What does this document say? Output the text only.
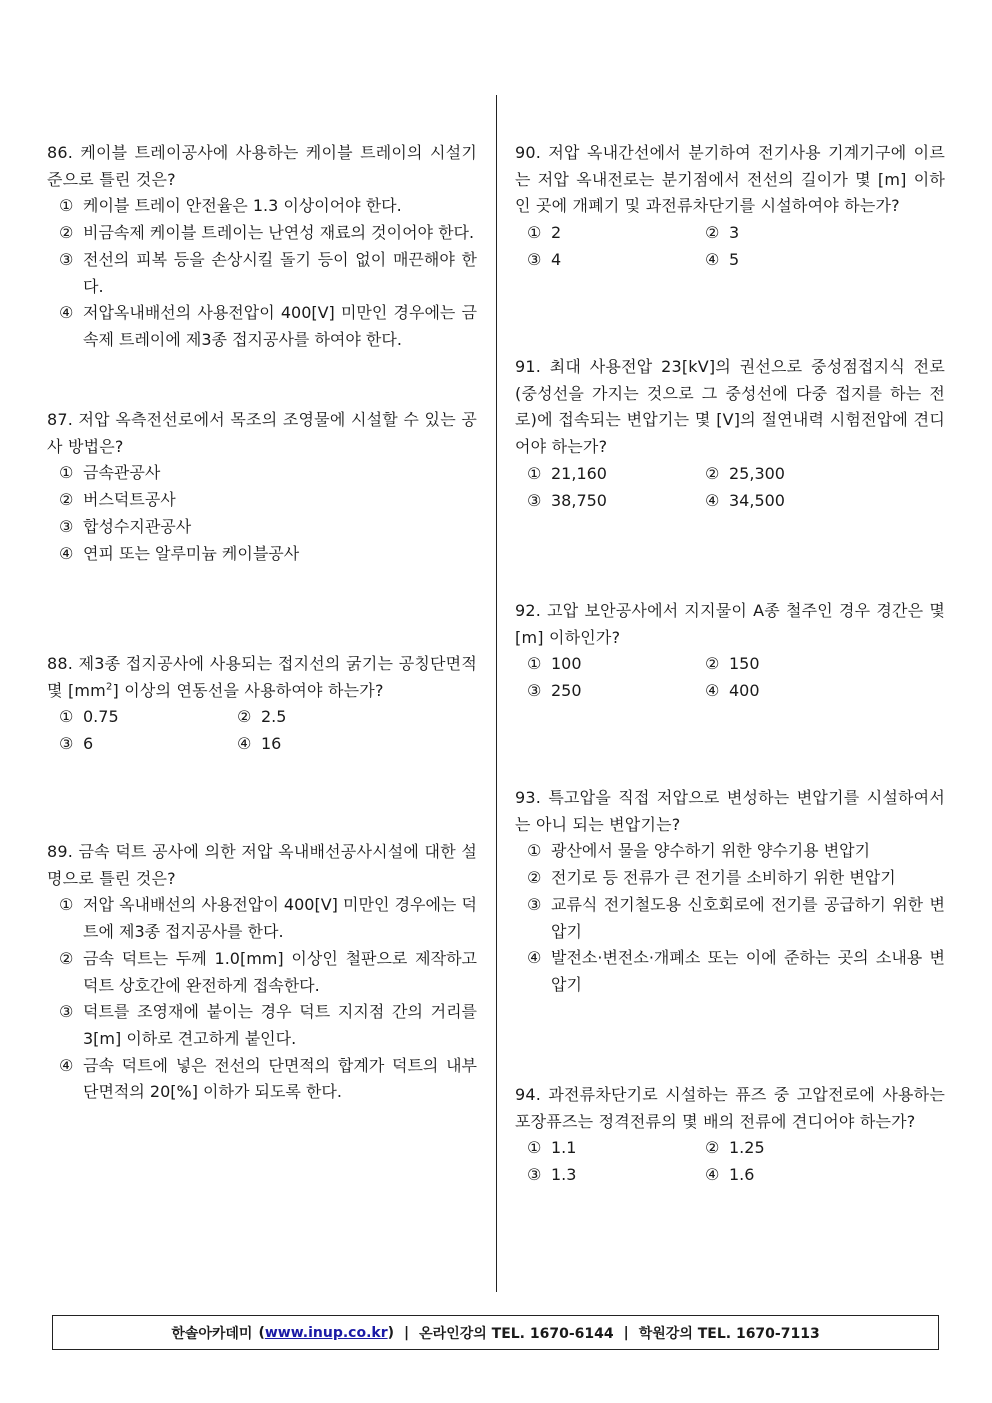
86. 케이블 트레이공사에 사용하는 케이블 트레이의 시설기준으로 틀린 것은?
① 케이블 트레이 안전율은 1.3 이상이어야 한다.
② 비금속제 케이블 트레이는 난연성 재료의 것이어야 한다.
③ 전선의 피복 등을 손상시킬 돌기 등이 없이 매끈해야 한다.
④ 저압옥내배선의 사용전압이 400[V] 미만인 경우에는 금속제 트레이에 제3종 접지공사를 하여야 한다.
87. 저압 옥측전선로에서 목조의 조영물에 시설할 수 있는 공사 방법은?
① 금속관공사
② 버스덕트공사
③ 합성수지관공사
④ 연피 또는 알루미늄 케이블공사
88. 제3종 접지공사에 사용되는 접지선의 굵기는 공칭단면적 몇 $[mm^2]$ 이상의 연동선을 사용하여야 하는가?
① 0.75	② 2.5
③ 6	④ 16
89. 금속 덕트 공사에 의한 저압 옥내배선공사시설에 대한 설명으로 틀린 것은?
① 저압 옥내배선의 사용전압이 400[V] 미만인 경우에는 덕트에 제3종 접지공사를 한다.
② 금속 덕트는 두께 1.0[mm] 이상인 철판으로 제작하고 덕트 상호간에 완전하게 접속한다.
③ 덕트를 조영재에 붙이는 경우 덕트 지지점 간의 거리를 3[m] 이하로 견고하게 붙인다.
④ 금속 덕트에 넣은 전선의 단면적의 합계가 덕트의 내부 단면적의 20[%] 이하가 되도록 한다.
90. 저압 옥내간선에서 분기하여 전기사용 기계기구에 이르는 저압 옥내전로는 분기점에서 전선의 길이가 몇 [m] 이하인 곳에 개폐기 및 과전류차단기를 시설하여야 하는가?
① 2	② 3
③ 4	④ 5
91. 최대 사용전압 23[kV]의 권선으로 중성점접지식 전로(중성선을 가지는 것으로 그 중성선에 다중 접지를 하는 전로)에 접속되는 변압기는 몇 [V]의 절연내력 시험전압에 견디어야 하는가?
① 21,160	② 25,300
③ 38,750	④ 34,500
92. 고압 보안공사에서 지지물이 A종 철주인 경우 경간은 몇 [m] 이하인가?
① 100	② 150
③ 250	④ 400
93. 특고압을 직접 저압으로 변성하는 변압기를 시설하여서는 아니 되는 변압기는?
① 광산에서 물을 양수하기 위한 양수기용 변압기
② 전기로 등 전류가 큰 전기를 소비하기 위한 변압기
③ 교류식 전기철도용 신호회로에 전기를 공급하기 위한 변압기
④ 발전소·변전소·개폐소 또는 이에 준하는 곳의 소내용 변압기
94. 과전류차단기로 시설하는 퓨즈 중 고압전로에 사용하는 포장퓨즈는 정격전류의 몇 배의 전류에 견디어야 하는가?
① 1.1	② 1.25
③ 1.3	④ 1.6
한솔아카데미 ( www.inup.co.kr ) | 온라인강의 TEL. 1670-6144 | 학원강의 TEL. 1670-7113
